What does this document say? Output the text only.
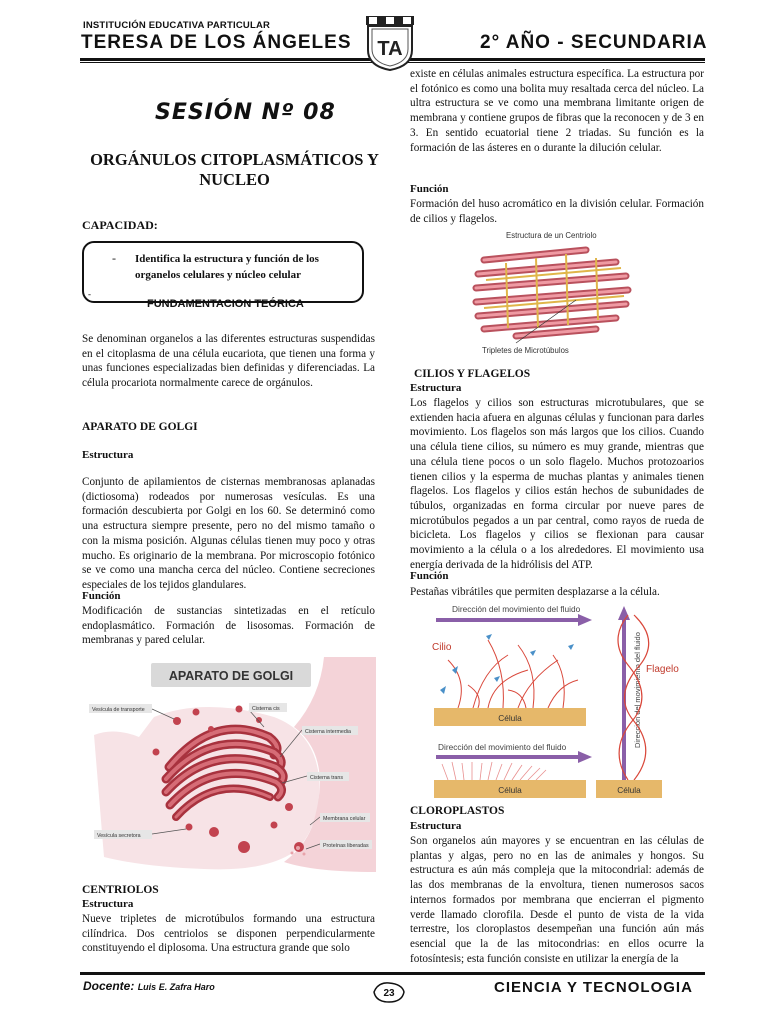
INSTITUCIÓN EDUCATIVA PARTICULAR
TERESA DE LOS ÁNGELES	2° AÑO - SECUNDARIA
TA
SESIÓN Nº 08
ORGÁNULOS CITOPLASMÁTICOS Y NUCLEO
CAPACIDAD:
- Identifica la estructura y función de los organelos celulares y núcleo celular
-
FUNDAMENTACION TEÓRICA

Se denominan organelos a las diferentes estructuras suspendidas en el citoplasma de una célula eucariota, que tienen una forma y unas funciones especializadas bien definidas y diferenciadas. La célula procariota normalmente carece de orgánulos.

APARATO DE GOLGI

Estructura

Conjunto de apilamientos de cisternas membranosas aplanadas (dictiosoma) rodeados por numerosas vesículas. Es una formación descubierta por Golgi en los 60. Se determinó como una estructura siempre presente, pero no del mismo tamaño o con la misma posición. Algunas células tienen muy poco y otras mucho. Es originario de la membrana. Por microscopio fotónico se ve como una mancha cerca del núcleo. Contiene secreciones especiales de los tejidos glandulares.

Función

Modificación de sustancias sintetizadas en el retículo endoplasmático. Formación de lisosomas. Formación de membranas y pared celular.

APARATO DE GOLGI
Vesícula de transporte	Cisterna cis
Cisterna intermedia
Cisterna trans
Membrana celular
Vesícula secretora
Proteínas liberadas

CENTRIOLOS

Estructura

Nueve tripletes de microtúbulos formando una estructura cilíndrica. Dos centriolos se disponen perpendicularmente constituyendo el diplosoma. Una estructura grande que solo

existe en células animales estructura específica. La estructura por el fotónico es como una bolita muy resaltada cerca del núcleo. La ultra estructura se ve como una membrana limitante origen de membrana y contiene grupos de fibras que la reconocen y de 3 en 3. En sentido ecuatorial tiene 2 triadas. Su función es la formación de las ásteres en o durante la dilución celular.

Función

Formación del huso acromático en la división celular. Formación de cilios y flagelos.

Estructura de un Centriolo
Tripletes de Microtúbulos

CILIOS Y FLAGELOS

Estructura

Los flagelos y cilios son estructuras microtubulares, que se extienden hacia afuera en algunas células y funcionan para darles movimiento. Los flagelos son más largos que los cilios. Cuando una célula tiene cilios, su número es muy grande, mientras que una célula tiene pocos o un solo flagelo. Muchos protozoarios tienen cilios y la esperma de muchas plantas y animales tienen flagelos. Los flagelos y cilios están hechos de subunidades de túbulos, organizadas en forma circular por nueve pares de microtúbulos pegados a un par central, como rayos de rueda de bicicleta. Los flagelos y cilios se flexionan para causar movimiento a la célula o a los alrededores. El movimiento usa energía derivada de la hidrólisis del ATP.

Función

Pestañas vibrátiles que permiten desplazarse a la célula.

Dirección del movimiento del fluido
Cilio
Célula
Dirección del movimiento del fluido
Célula
Dirección del movimiento del fluido Flagelo
Célula

CLOROPLASTOS

Estructura

Son organelos aún mayores y se encuentran en las células de plantas y algas, pero no en las de animales y hongos. Su estructura es aún más compleja que la mitocondrial: además de las dos membranas de la envoltura, tienen numerosos sacos internos formados por membrana que encierran el pigmento verde llamado clorofila. Desde el punto de vista de la vida terrestre, los cloroplastos desempeñan una función aún más esencial que la de las mitocondrias: en ellos ocurre la fotosíntesis; esta función consiste en utilizar la energía de la

Docente: Luis E. Zafra Haro
23	CIENCIA Y TECNOLOGIA
